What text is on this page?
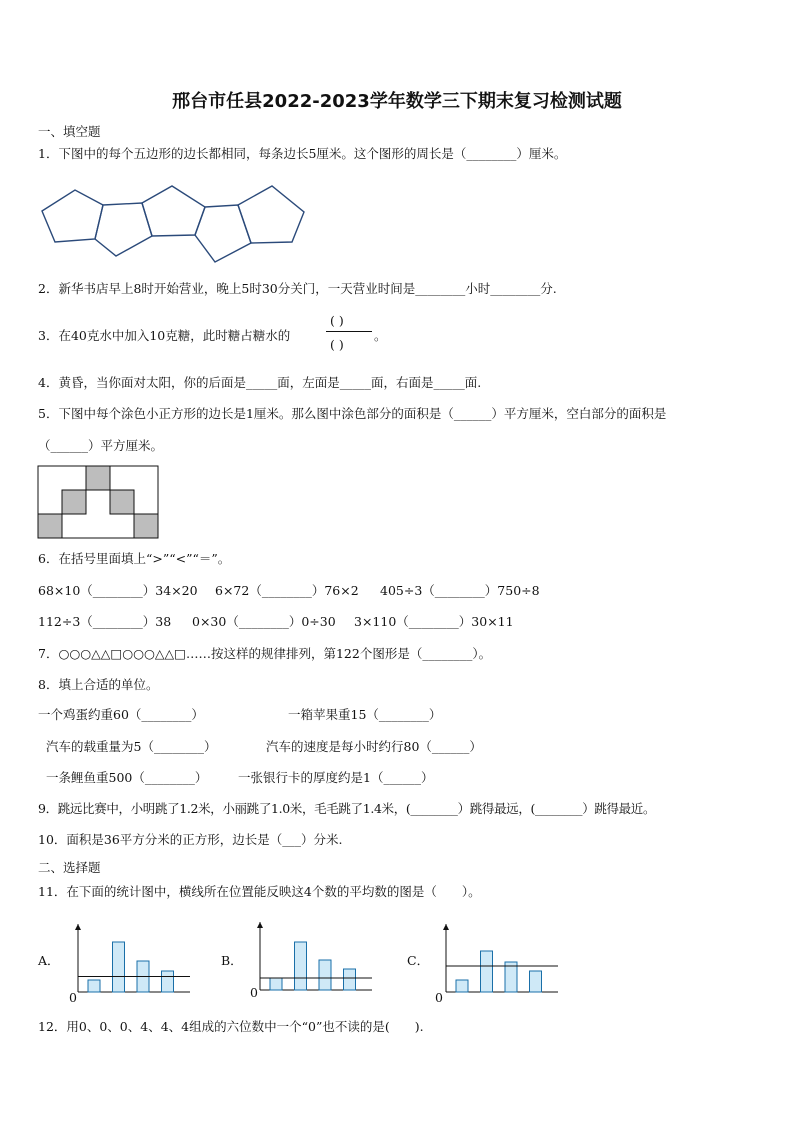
邢台市任县2022-2023学年数学三下期末复习检测试题
一、填空题
1．下图中的每个五边形的边长都相同，每条边长5厘米。这个图形的周长是（________）厘米。
2．新华书店早上8时开始营业，晚上5时30分关门，一天营业时间是________小时________分.
3．在40克水中加入10克糖，此时糖占糖水的
( )
( )
。
4．黄昏，当你面对太阳，你的后面是_____面，左面是_____面，右面是_____面.
5．下图中每个涂色小正方形的边长是1厘米。那么图中涂色部分的面积是（______）平方厘米，空白部分的面积是
（______）平方厘米。
6．在括号里面填上“>”“<”“＝”。
68×10（________）34×20 6×72（________）76×2 405÷3（________）750÷8
112÷3（________）38 0×30（________）0÷30 3×110（________）30×11
7．○○○△△□○○○△△□……按这样的规律排列，第122个图形是（________）。
8．填上合适的单位。
一个鸡蛋约重60（________）	一箱苹果重15（________）
汽车的载重量为5（________）	汽车的速度是每小时约行80（______）
一条鲤鱼重500（________） 一张银行卡的厚度约是1（______）
9．跳远比赛中，小明跳了1.2米，小丽跳了1.0米，毛毛跳了1.4米，(________）跳得最远，(________）跳得最近。
10．面积是36平方分米的正方形，边长是（___）分米.
二、选择题
11．在下面的统计图中，横线所在位置能反映这4个数的平均数的图是（　　）。
A．	B．	C．
0	0	0
12．用0、0、0、4、4、4组成的六位数中一个“0”也不读的是(　　).
